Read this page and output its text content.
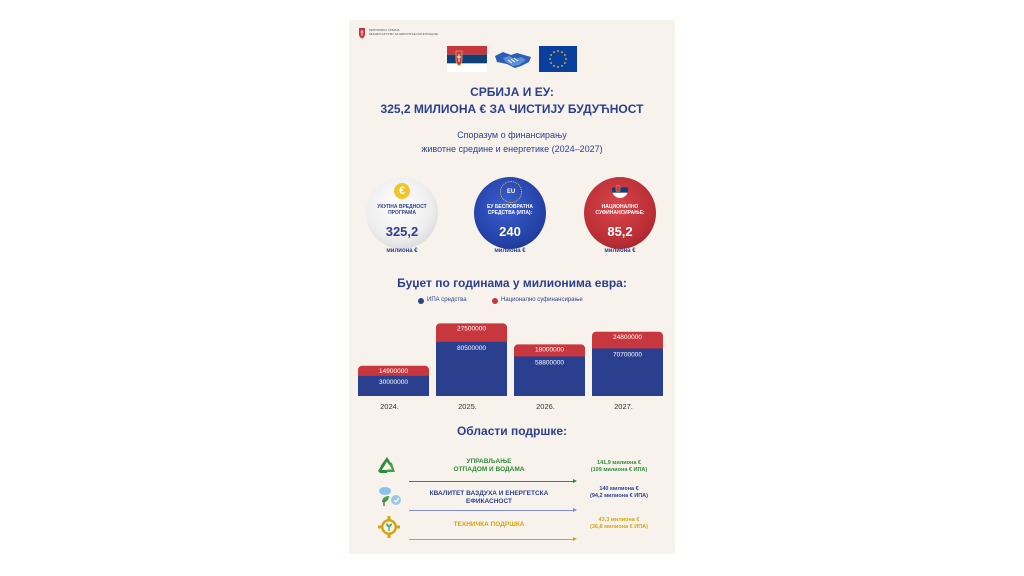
РЕПУБЛИКА СРБИЈА
МИНИСТАРСТВО ЗА ЕВРОПСКЕ ИНТЕГРАЦИЈЕ
СРБИЈА И ЕУ:
325,2 МИЛИОНА € ЗА ЧИСТИЈУ БУДУЋНОСТ
Споразум о финансирању
животне средине и енергетике (2024–2027)
€
УКУПНА ВРЕДНОСТ
ПРОГРАМА
325,2
милиона €
EU
ЕУ БЕСПОВРАТНА
СРЕДСТВА (ИПА):
240
милиона €
НАЦИОНАЛНО
СУФИНАНСИРАЊЕ:
85,2
милиона €
Буџет по годинама у милионима евра:
ИПА средства	Национално суфинансирање
14900000
30000000
2024.
27500000
80500000
2025.
18000000
58800000
2026.
24800000
70700000
2027.
Области подршке:
УПРАВЉАЊЕ
ОТПАДОМ И ВОДАМА
141,9 милиона €
(109 милиона € ИПА)
КВАЛИТЕТ ВАЗДУХА И ЕНЕРГЕТСКА
ЕФИКАСНОСТ
140 милиона €
(94,2 милиона € ИПА)
ТЕХНИЧКА ПОДРШКА
43,3 милиона €
(36,8 милиона € ИПА)
